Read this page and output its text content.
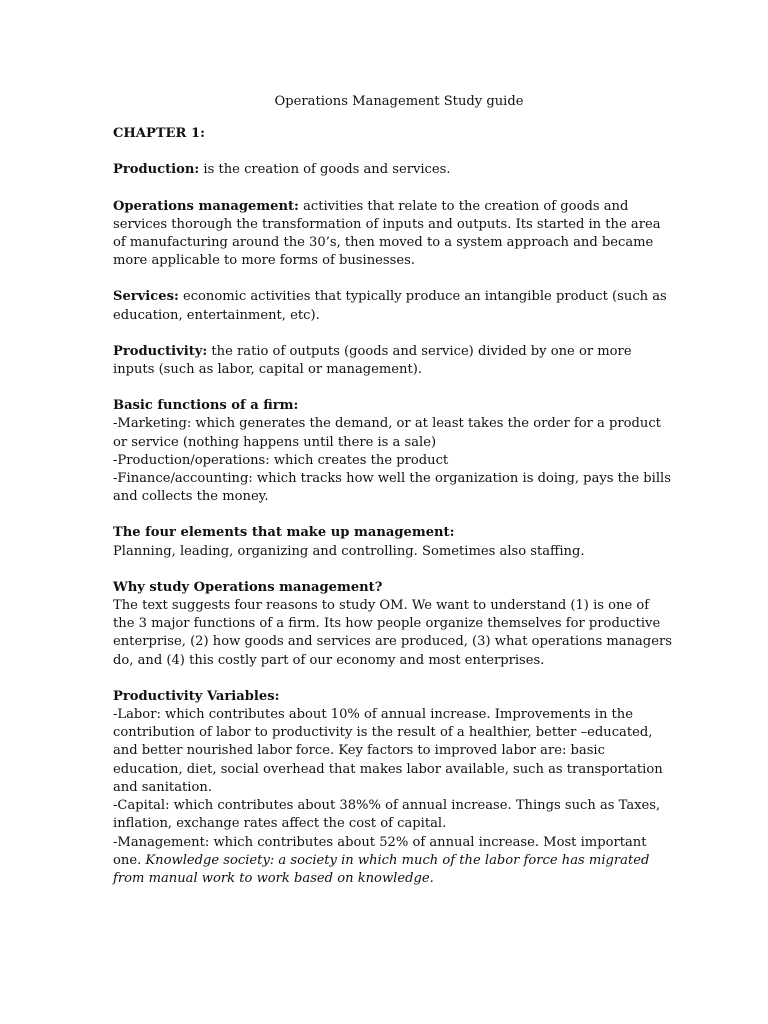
Operations Management Study guide

CHAPTER 1:

Production: is the creation of goods and services.

Operations management: activities that relate to the creation of goods and services thorough the transformation of inputs and outputs. Its started in the area of manufacturing around the 30’s, then moved to a system approach and became more applicable to more forms of businesses.

Services: economic activities that typically produce an intangible product (such as education, entertainment, etc).

Productivity: the ratio of outputs (goods and service) divided by one or more inputs (such as labor, capital or management).

Basic functions of a firm:
-Marketing: which generates the demand, or at least takes the order for a product or service (nothing happens until there is a sale)
-Production/operations: which creates the product
-Finance/accounting: which tracks how well the organization is doing, pays the bills and collects the money.
The four elements that make up management:
Planning, leading, organizing and controlling. Sometimes also staffing.
Why study Operations management?
The text suggests four reasons to study OM. We want to understand (1) is one of the 3 major functions of a firm. Its how people organize themselves for productive enterprise, (2) how goods and services are produced, (3) what operations managers do, and (4) this costly part of our economy and most enterprises.
Productivity Variables:
-Labor: which contributes about 10% of annual increase. Improvements in the contribution of labor to productivity is the result of a healthier, better –educated, and better nourished labor force. Key factors to improved labor are: basic education, diet, social overhead that makes labor available, such as transportation and sanitation.
-Capital: which contributes about 38%% of annual increase. Things such as Taxes, inflation, exchange rates affect the cost of capital.
-Management: which contributes about 52% of annual increase. Most important one. Knowledge society: a society in which much of the labor force has migrated from manual work to work based on knowledge.
